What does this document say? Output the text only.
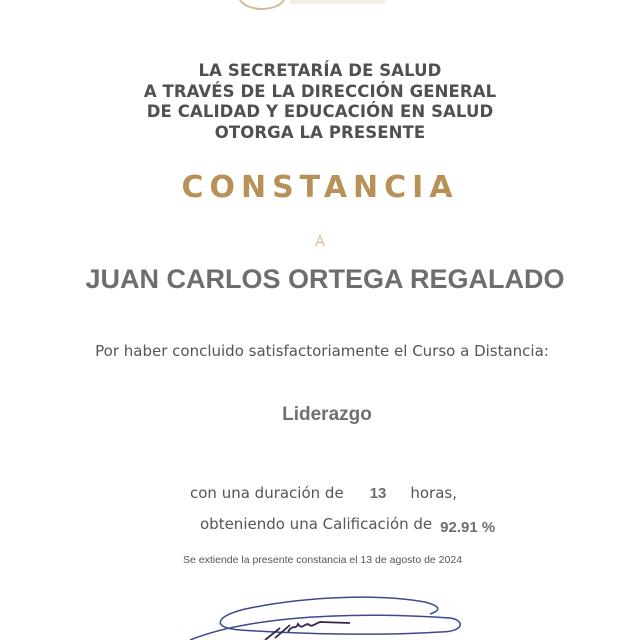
LA SECRETARÍA DE SALUD
A TRAVÉS DE LA DIRECCIÓN GENERAL
DE CALIDAD Y EDUCACIÓN EN SALUD
OTORGA LA PRESENTE
CONSTANCIA
A
JUAN CARLOS ORTEGA REGALADO
Por haber concluido satisfactoriamente el Curso a Distancia:
Liderazgo
con una duración de 13 horas,
obteniendo una Calificación de 92.91 %
Se extiende la presente constancia el 13 de agosto de 2024
